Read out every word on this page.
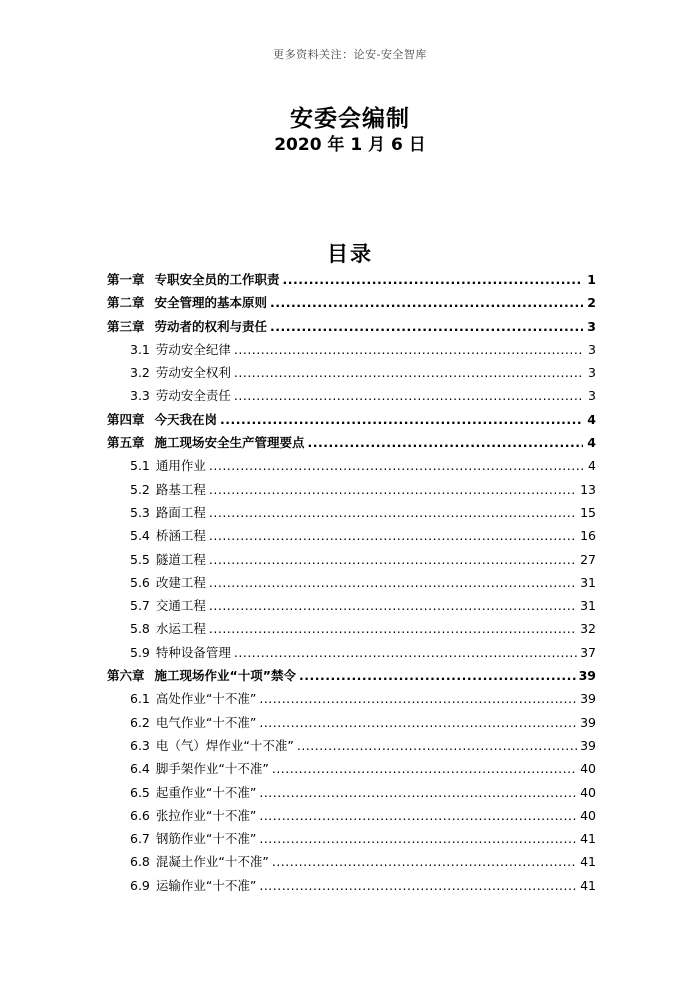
更多资料关注：论安-安全智库
安委会编制
2020 年 1 月 6 日
目录
第一章 专职安全员的工作职责 .....	1
第二章 安全管理的基本原则 .....	2
第三章 劳动者的权利与责任 .....	3
3.1 劳动安全纪律 .....	3
3.2 劳动安全权利 .....	3
3.3 劳动安全责任 .....	3
第四章 今天我在岗 .....	4
第五章 施工现场安全生产管理要点 .....	4
5.1 通用作业 .....	4
5.2 路基工程 .....	13
5.3 路面工程 .....	15
5.4 桥涵工程 .....	16
5.5 隧道工程 .....	27
5.6 改建工程 .....	31
5.7 交通工程 .....	31
5.8 水运工程 .....	32
5.9 特种设备管理 .....	37
第六章 施工现场作业“十项”禁令 .....	39
6.1 高处作业“十不准” .....	39
6.2 电气作业“十不准” .....	39
6.3 电（气）焊作业“十不准” .....	39
6.4 脚手架作业“十不准” .....	40
6.5 起重作业“十不准” .....	40
6.6 张拉作业“十不准” .....	40
6.7 钢筋作业“十不准” .....	41
6.8 混凝土作业“十不准” .....	41
6.9 运输作业“十不准” .....	41
